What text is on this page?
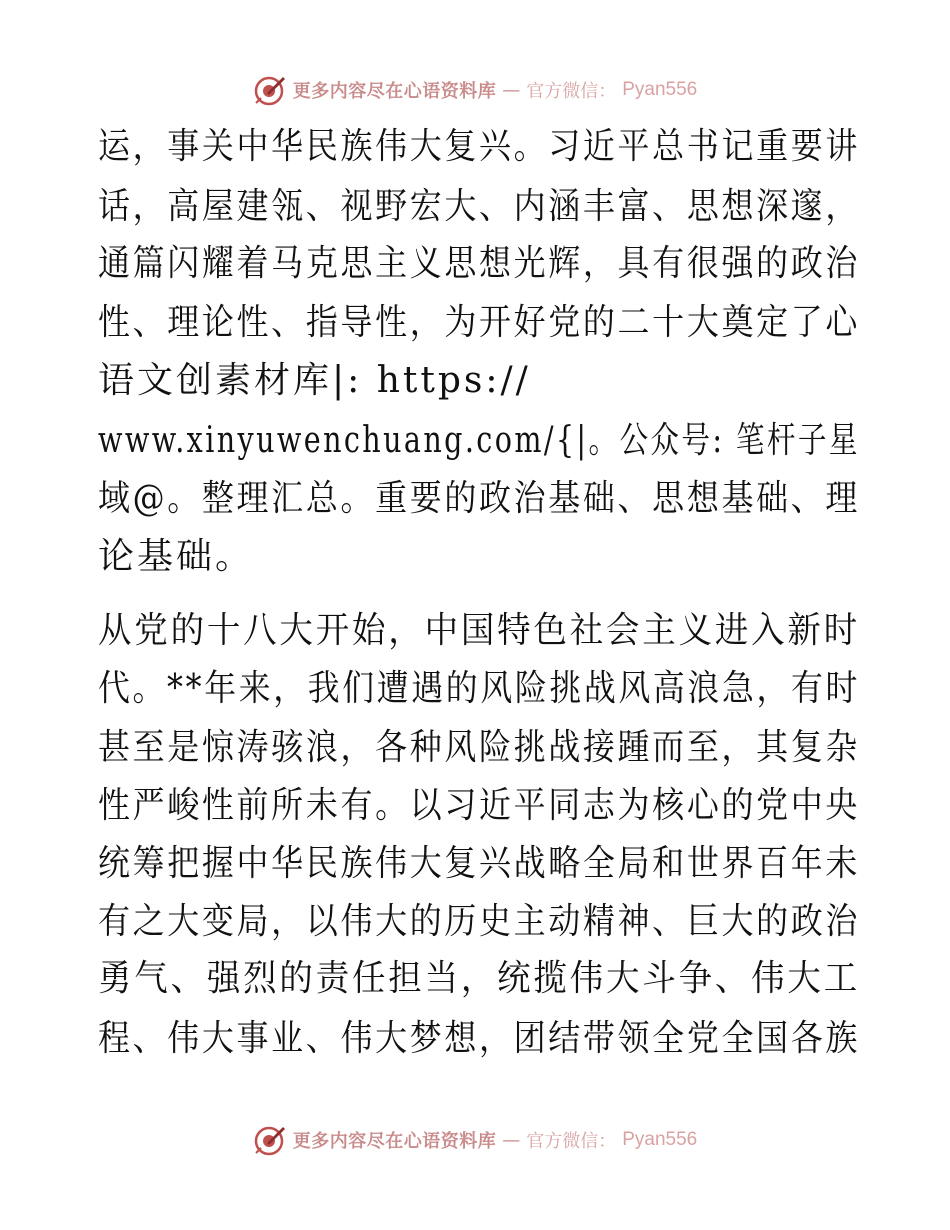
更多内容尽在心语资料库 — 官方微信： Pyan556
运，事关中华民族伟大复兴。习近平总书记重要讲
话，高屋建瓴、视野宏大、内涵丰富、思想深邃，
通篇闪耀着马克思主义思想光辉，具有很强的政治
性、理论性、指导性，为开好党的二十大奠定了心
语文创素材库|: https://
www.xinyuwenchuang.com/{|。公众号: 笔杆子星
域@。整理汇总。重要的政治基础、思想基础、理
论基础。
从党的十八大开始，中国特色社会主义进入新时
代。**年来，我们遭遇的风险挑战风高浪急，有时
甚至是惊涛骇浪，各种风险挑战接踵而至，其复杂
性严峻性前所未有。以习近平同志为核心的党中央
统筹把握中华民族伟大复兴战略全局和世界百年未
有之大变局，以伟大的历史主动精神、巨大的政治
勇气、强烈的责任担当，统揽伟大斗争、伟大工
程、伟大事业、伟大梦想，团结带领全党全国各族
更多内容尽在心语资料库 — 官方微信： Pyan556
